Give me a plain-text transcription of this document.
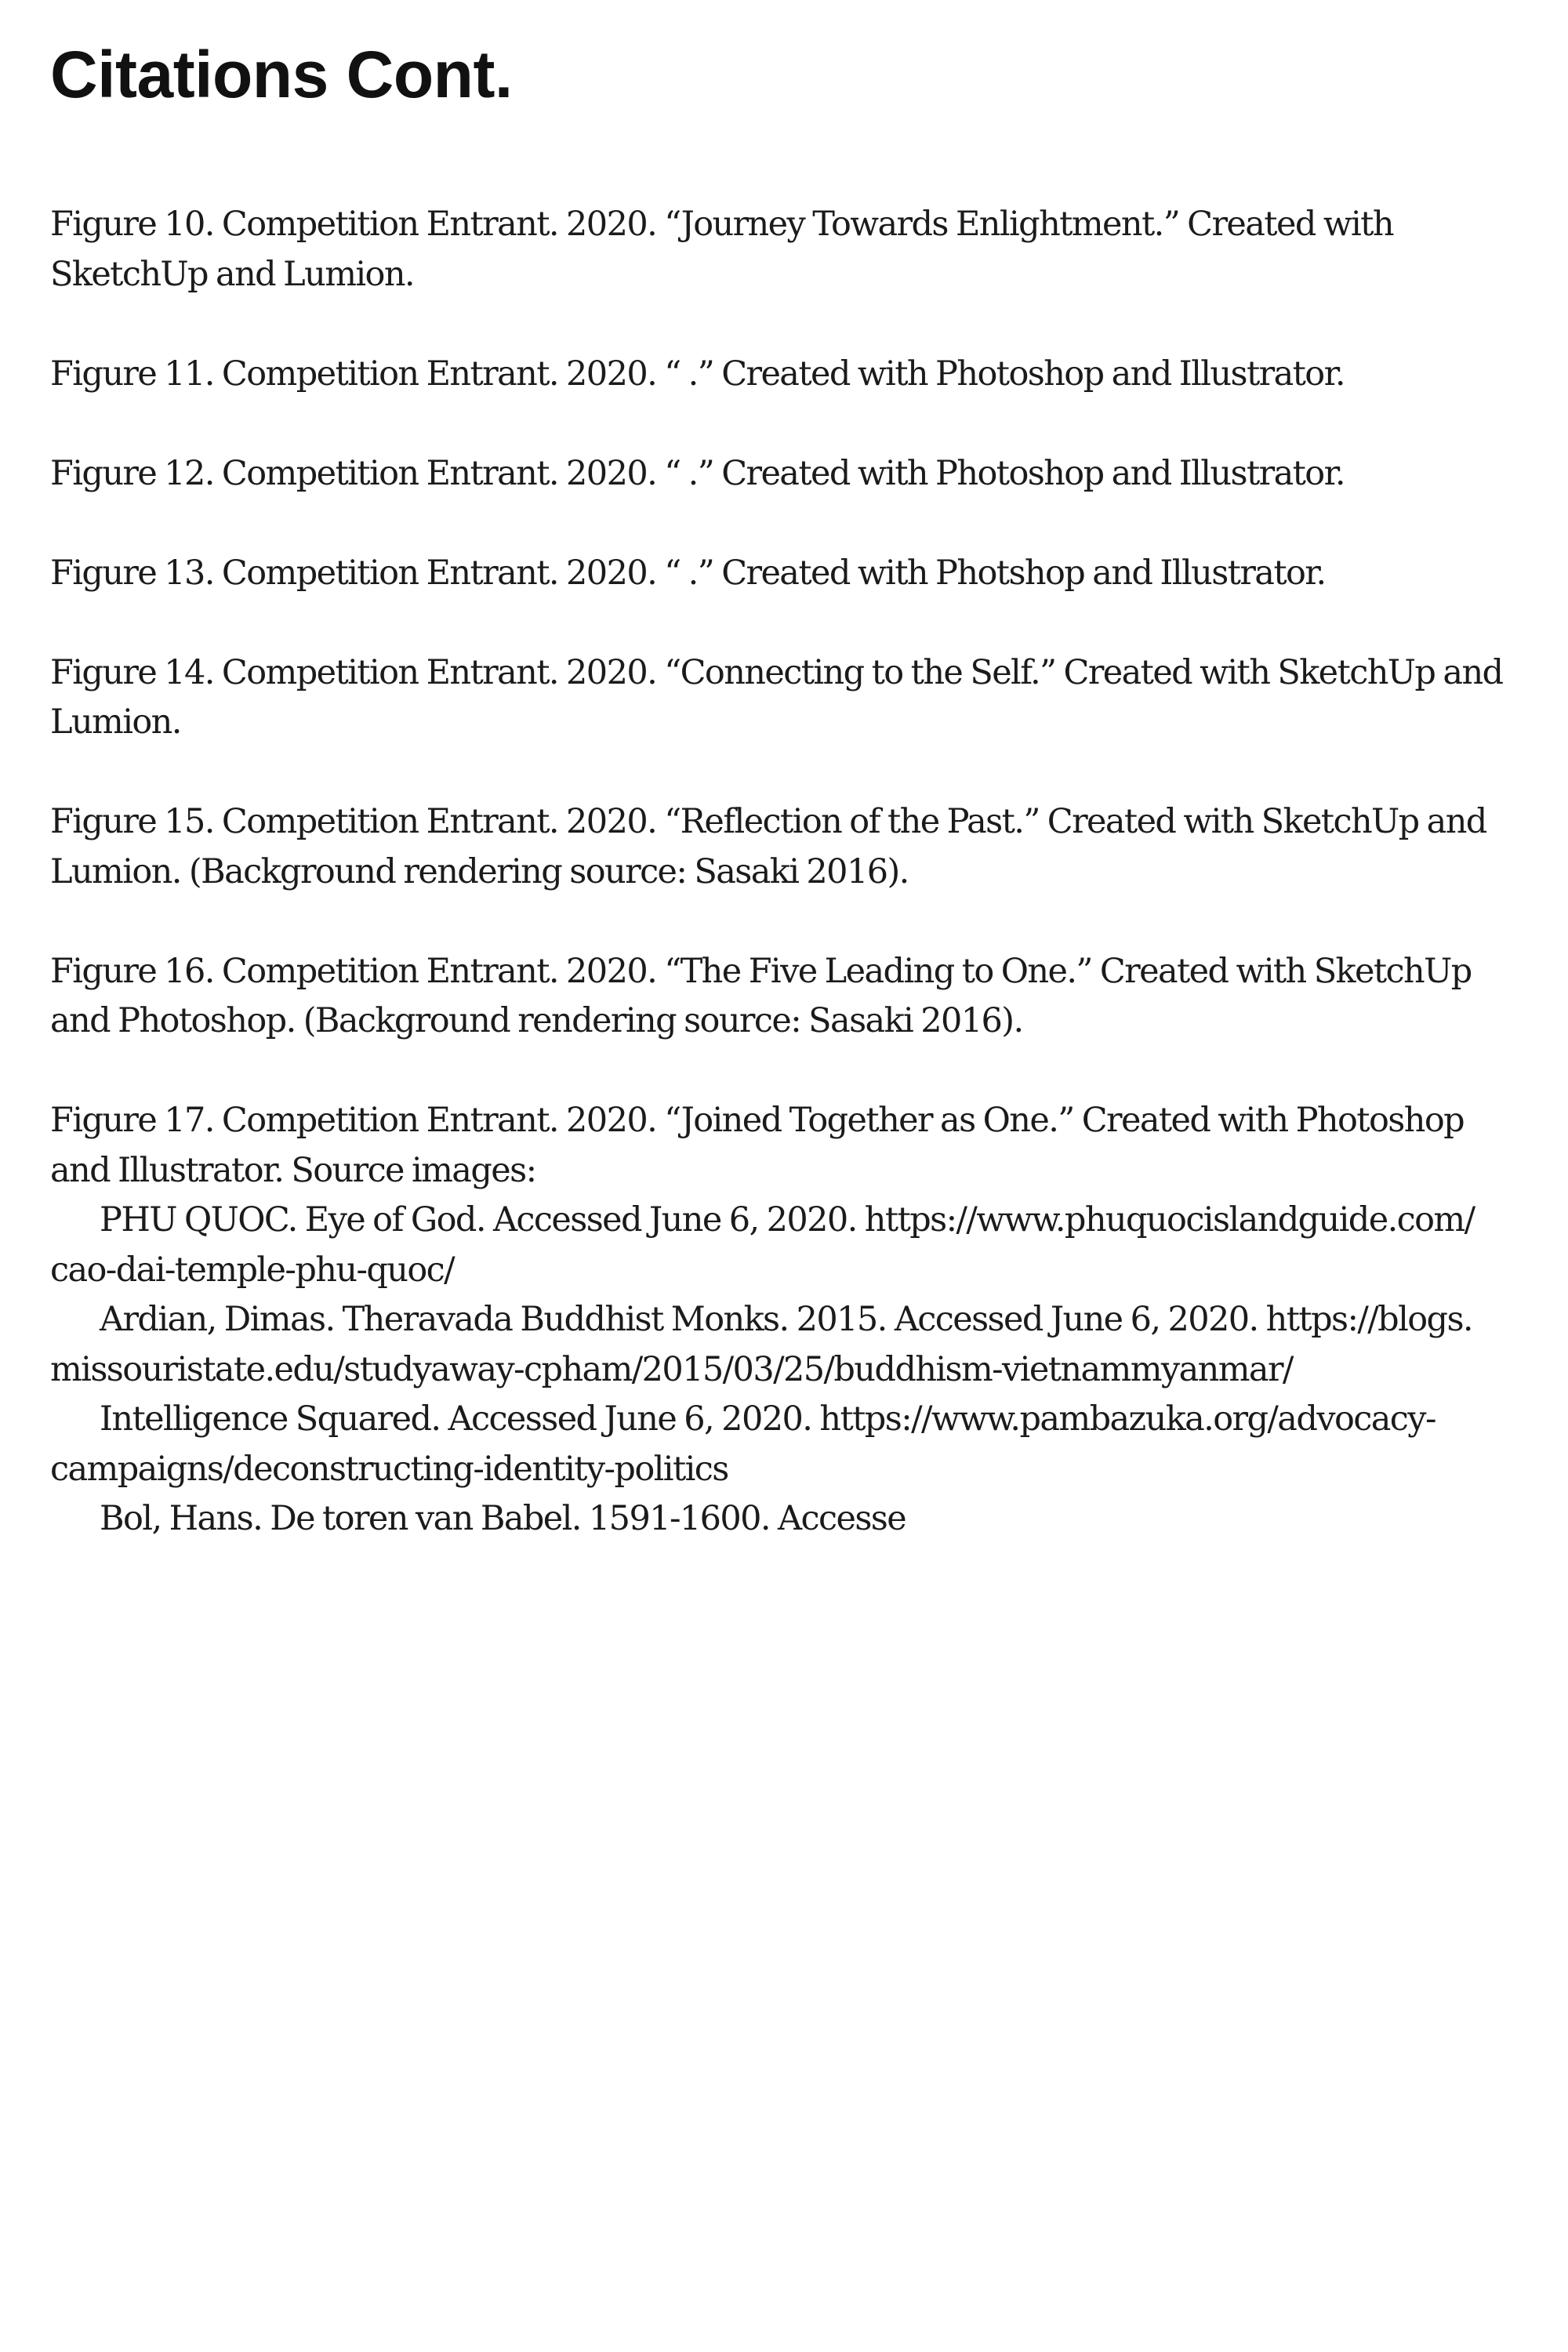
Citations Cont.

Figure 10. Competition Entrant. 2020. “Journey Towards Enlightment.” Created with SketchUp and Lumion.

Figure 11. Competition Entrant. 2020. “ .” Created with Photoshop and Illustrator.

Figure 12. Competition Entrant. 2020. “ .” Created with Photoshop and Illustrator.

Figure 13. Competition Entrant. 2020. “ .” Created with Photshop and Illustrator.

Figure 14. Competition Entrant. 2020. “Connecting to the Self.” Created with SketchUp and Lumion.

Figure 15. Competition Entrant. 2020. “Reflection of the Past.” Created with SketchUp and Lumion. (Background rendering source: Sasaki 2016).

Figure 16. Competition Entrant. 2020. “The Five Leading to One.” Created with SketchUp and Photoshop. (Background rendering source: Sasaki 2016).

Figure 17. Competition Entrant. 2020. “Joined Together as One.” Created with Photoshop and Illustrator. Source images:
PHU QUOC. Eye of God. Accessed June 6, 2020. https://www.phuquocislandguide.com/ cao-dai-temple-phu-quoc/
Ardian, Dimas. Theravada Buddhist Monks. 2015. Accessed June 6, 2020. https://blogs. missouristate.edu/studyaway-cpham/2015/03/25/buddhism-vietnammyanmar/
Intelligence Squared. Accessed June 6, 2020. https://www.pambazuka.org/advocacy- campaigns/deconstructing-identity-politics
Bol, Hans. De toren van Babel. 1591-1600. Accesse
